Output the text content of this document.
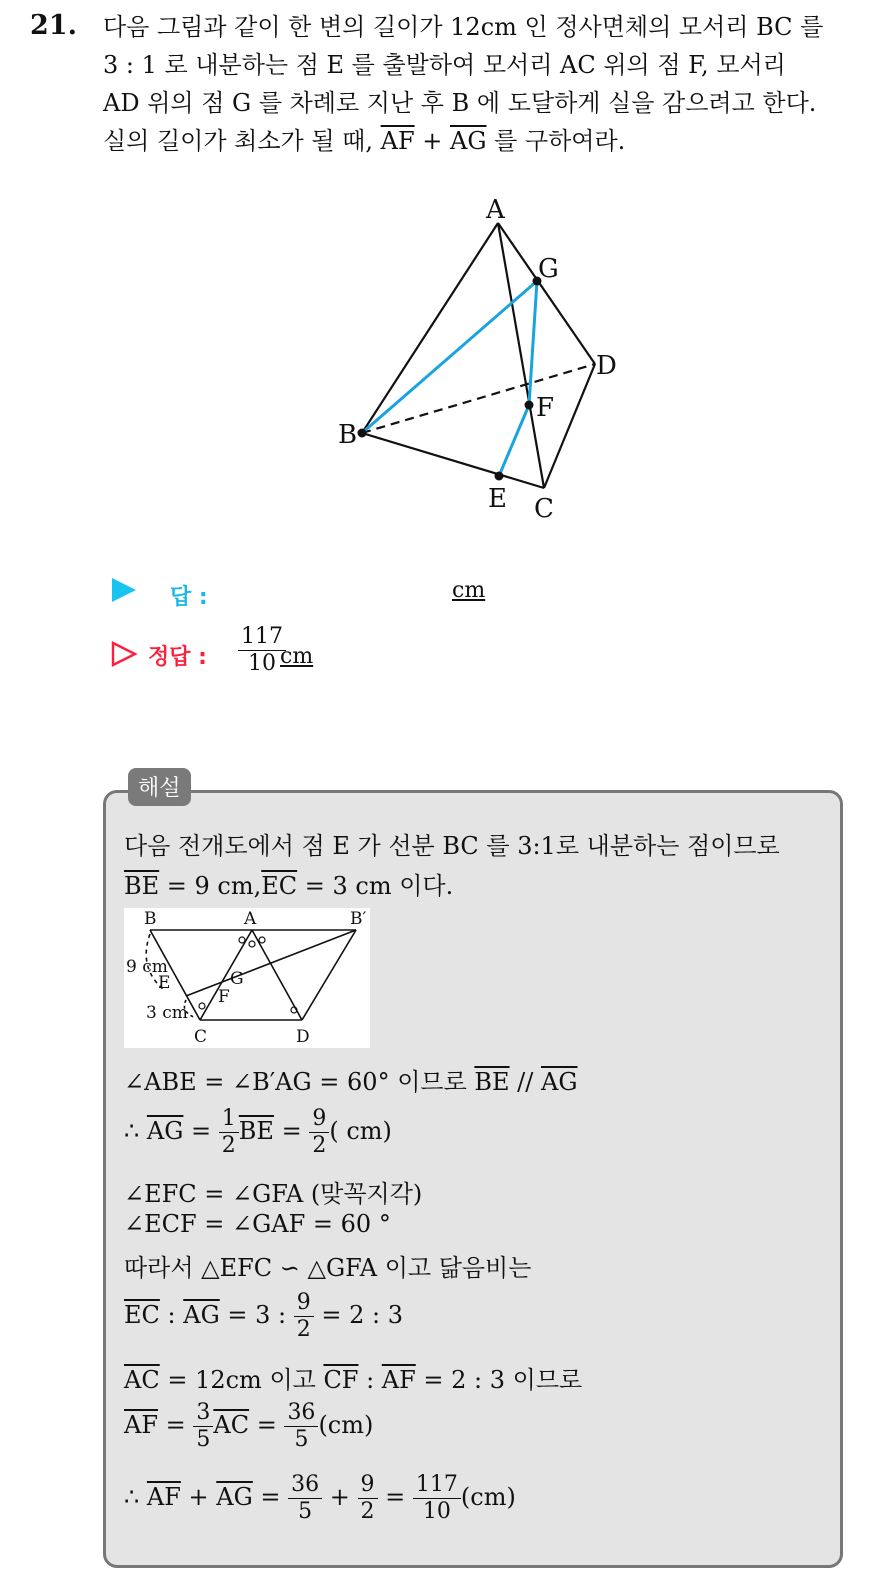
21. 다음 그림과 같이 한 변의 길이가 12cm 인 정사면체의 모서리 BC 를
3 : 1 로 내분하는 점 E 를 출발하여 모서리 AC 위의 점 F, 모서리
AD 위의 점 G 를 차례로 지난 후 B 에 도달하게 실을 감으려고 한다.
실의 길이가 최소가 될 때, $\overline{AF} + \overline{AG}$ 를 구하여라.
A
G
D
F
B
E C
답 :	cm
정답 : $\frac{117}{10}$
cm
해설
다음 전개도에서 점 E 가 선분 BC 를 3:1로 내분하는 점이므로
$\overline{BE} = 9$ $cm,\overline{EC} = 3$ cm 이다.
B	A	B′
9 cm
E	G
F
3 cm
C	D
∠ABE = ∠B′AG = 60° 이므로 $\overline{BE} // \overline{AG}$
∴ $\overline{AG} = \frac{1}{2} \overline{BE} = \frac{9}{2}$ ( cm)
∠EFC = ∠GFA (맞꼭지각)
∠ECF = ∠GAF = 60 °
따라서 △EFC ∽ △GFA 이고 닮음비는
$\overline{EC}$ : $\overline{AG} = 3$ : $\frac{9}{2} = 2$ : 3
$\overline{AC} = 12cm$ 이고 $\overline{CF}$ : $\overline{AF} = 2$ : 3 이므로
$\overline{AF} = \frac{3}{5} \overline{AC} = \frac{36}{5} (cm)$
∴ $\overline{AF} + \overline{AG} = \frac{36}{5} + \frac{9}{2} = \frac{117}{10} (cm)$
